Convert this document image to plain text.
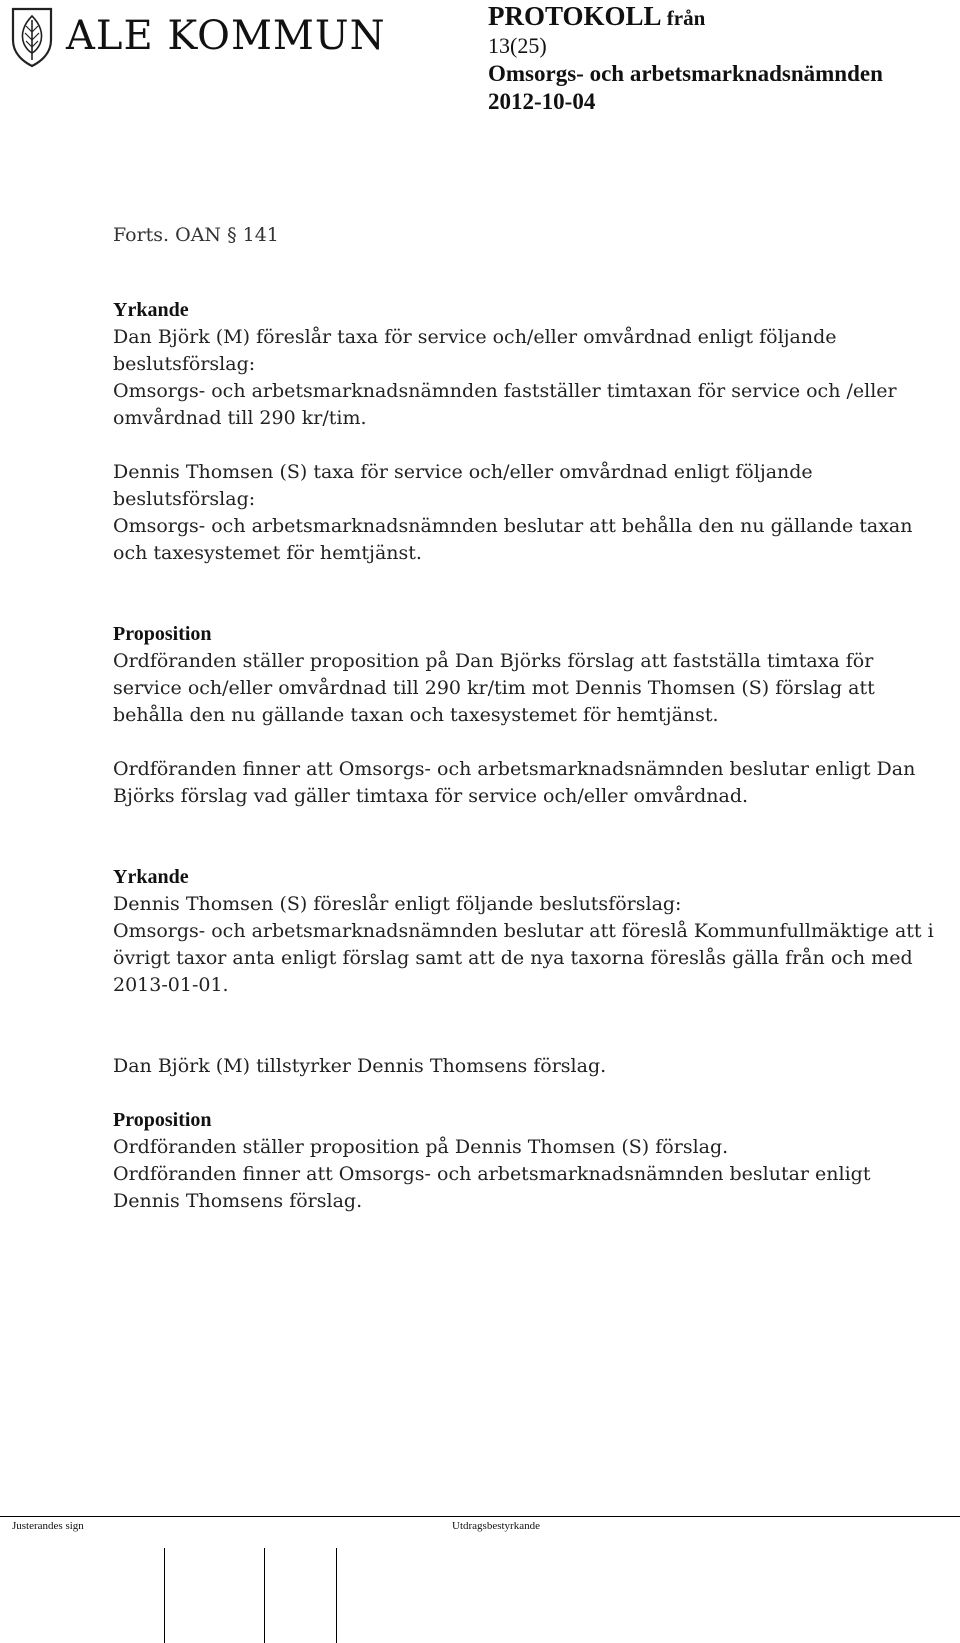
ALE KOMMUN	PROTOKOLL från
13(25)
Omsorgs- och arbetsmarknadsnämnden
2012-10-04

Forts. OAN § 141

Yrkande

Dan Björk (M) föreslår taxa för service och/eller omvårdnad enligt följande beslutsförslag:

Omsorgs- och arbetsmarknadsnämnden fastställer timtaxan för service och /eller omvårdnad till 290 kr/tim.

Dennis Thomsen (S) taxa för service och/eller omvårdnad enligt följande beslutsförslag:

Omsorgs- och arbetsmarknadsnämnden beslutar att behålla den nu gällande taxan och taxesystemet för hemtjänst.

Proposition

Ordföranden ställer proposition på Dan Björks förslag att fastställa timtaxa för service och/eller omvårdnad till 290 kr/tim mot Dennis Thomsen (S) förslag att behålla den nu gällande taxan och taxesystemet för hemtjänst.

Ordföranden finner att Omsorgs- och arbetsmarknadsnämnden beslutar enligt Dan Björks förslag vad gäller timtaxa för service och/eller omvårdnad.

Yrkande

Dennis Thomsen (S) föreslår enligt följande beslutsförslag:

Omsorgs- och arbetsmarknadsnämnden beslutar att föreslå Kommunfullmäktige att i övrigt taxor anta enligt förslag samt att de nya taxorna föreslås gälla från och med 2013-01-01.

Dan Björk (M) tillstyrker Dennis Thomsens förslag.

Proposition

Ordföranden ställer proposition på Dennis Thomsen (S) förslag.

Ordföranden finner att Omsorgs- och arbetsmarknadsnämnden beslutar enligt Dennis Thomsens förslag.

Justerandes sign	Utdragsbestyrkande
